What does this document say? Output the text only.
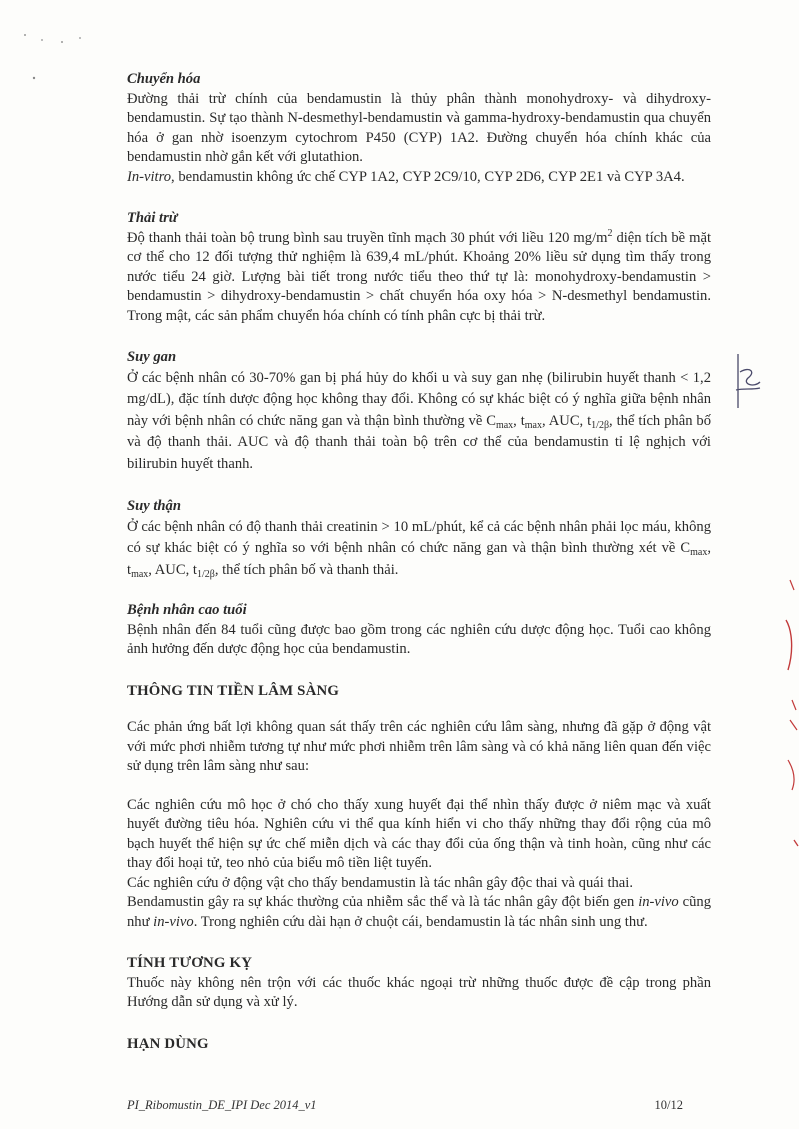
Chuyển hóa

Đường thải trừ chính của bendamustin là thủy phân thành monohydroxy- và dihydroxy-bendamustin. Sự tạo thành N-desmethyl-bendamustin và gamma-hydroxy-bendamustin qua chuyển hóa ở gan nhờ isoenzym cytochrom P450 (CYP) 1A2. Đường chuyển hóa chính khác của bendamustin nhờ gắn kết với glutathion.

In-vitro, bendamustin không ức chế CYP 1A2, CYP 2C9/10, CYP 2D6, CYP 2E1 và CYP 3A4.

Thải trừ

Độ thanh thải toàn bộ trung bình sau truyền tĩnh mạch 30 phút với liều 120 $mg/m^2$ diện tích bề mặt cơ thể cho 12 đối tượng thử nghiệm là 639,4 mL/phút. Khoảng 20% liều sử dụng tìm thấy trong nước tiểu 24 giờ. Lượng bài tiết trong nước tiểu theo thứ tự là: monohydroxy-bendamustin > bendamustin > dihydroxy-bendamustin > chất chuyển hóa oxy hóa > N-desmethyl bendamustin. Trong mật, các sản phẩm chuyển hóa chính có tính phân cực bị thải trừ.

Suy gan

Ở các bệnh nhân có 30-70% gan bị phá hủy do khối u và suy gan nhẹ (bilirubin huyết thanh < 1,2 mg/dL), đặc tính dược động học không thay đổi. Không có sự khác biệt có ý nghĩa giữa bệnh nhân này với bệnh nhân có chức năng gan và thận bình thường về $C_{max}$, $t_{max}$, AUC, $t_{1/2\beta}$, thể tích phân bố và độ thanh thải. AUC và độ thanh thải toàn bộ trên cơ thể của bendamustin tỉ lệ nghịch với bilirubin huyết thanh.

Suy thận

Ở các bệnh nhân có độ thanh thải creatinin > 10 mL/phút, kể cả các bệnh nhân phải lọc máu, không có sự khác biệt có ý nghĩa so với bệnh nhân có chức năng gan và thận bình thường xét về $C_{max}$, $t_{max}$, AUC, $t_{1/2\beta}$, thể tích phân bố và thanh thải.

Bệnh nhân cao tuổi

Bệnh nhân đến 84 tuổi cũng được bao gồm trong các nghiên cứu dược động học. Tuổi cao không ảnh hưởng đến dược động học của bendamustin.

THÔNG TIN TIỀN LÂM SÀNG

Các phản ứng bất lợi không quan sát thấy trên các nghiên cứu lâm sàng, nhưng đã gặp ở động vật với mức phơi nhiễm tương tự như mức phơi nhiễm trên lâm sàng và có khả năng liên quan đến việc sử dụng trên lâm sàng như sau:

Các nghiên cứu mô học ở chó cho thấy xung huyết đại thể nhìn thấy được ở niêm mạc và xuất huyết đường tiêu hóa. Nghiên cứu vi thể qua kính hiển vi cho thấy những thay đổi rộng của mô bạch huyết thể hiện sự ức chế miễn dịch và các thay đổi của ống thận và tinh hoàn, cũng như các thay đổi hoại tử, teo nhỏ của biểu mô tiền liệt tuyến.

Các nghiên cứu ở động vật cho thấy bendamustin là tác nhân gây độc thai và quái thai.

Bendamustin gây ra sự khác thường của nhiễm sắc thể và là tác nhân gây đột biến gen in-vivo cũng như in-vivo. Trong nghiên cứu dài hạn ở chuột cái, bendamustin là tác nhân sinh ung thư.

TÍNH TƯƠNG KỴ

Thuốc này không nên trộn với các thuốc khác ngoại trừ những thuốc được đề cập trong phần Hướng dẫn sử dụng và xử lý.

HẠN DÙNG

PI_Ribomustin_DE_IPI Dec 2014_v1	10/12
